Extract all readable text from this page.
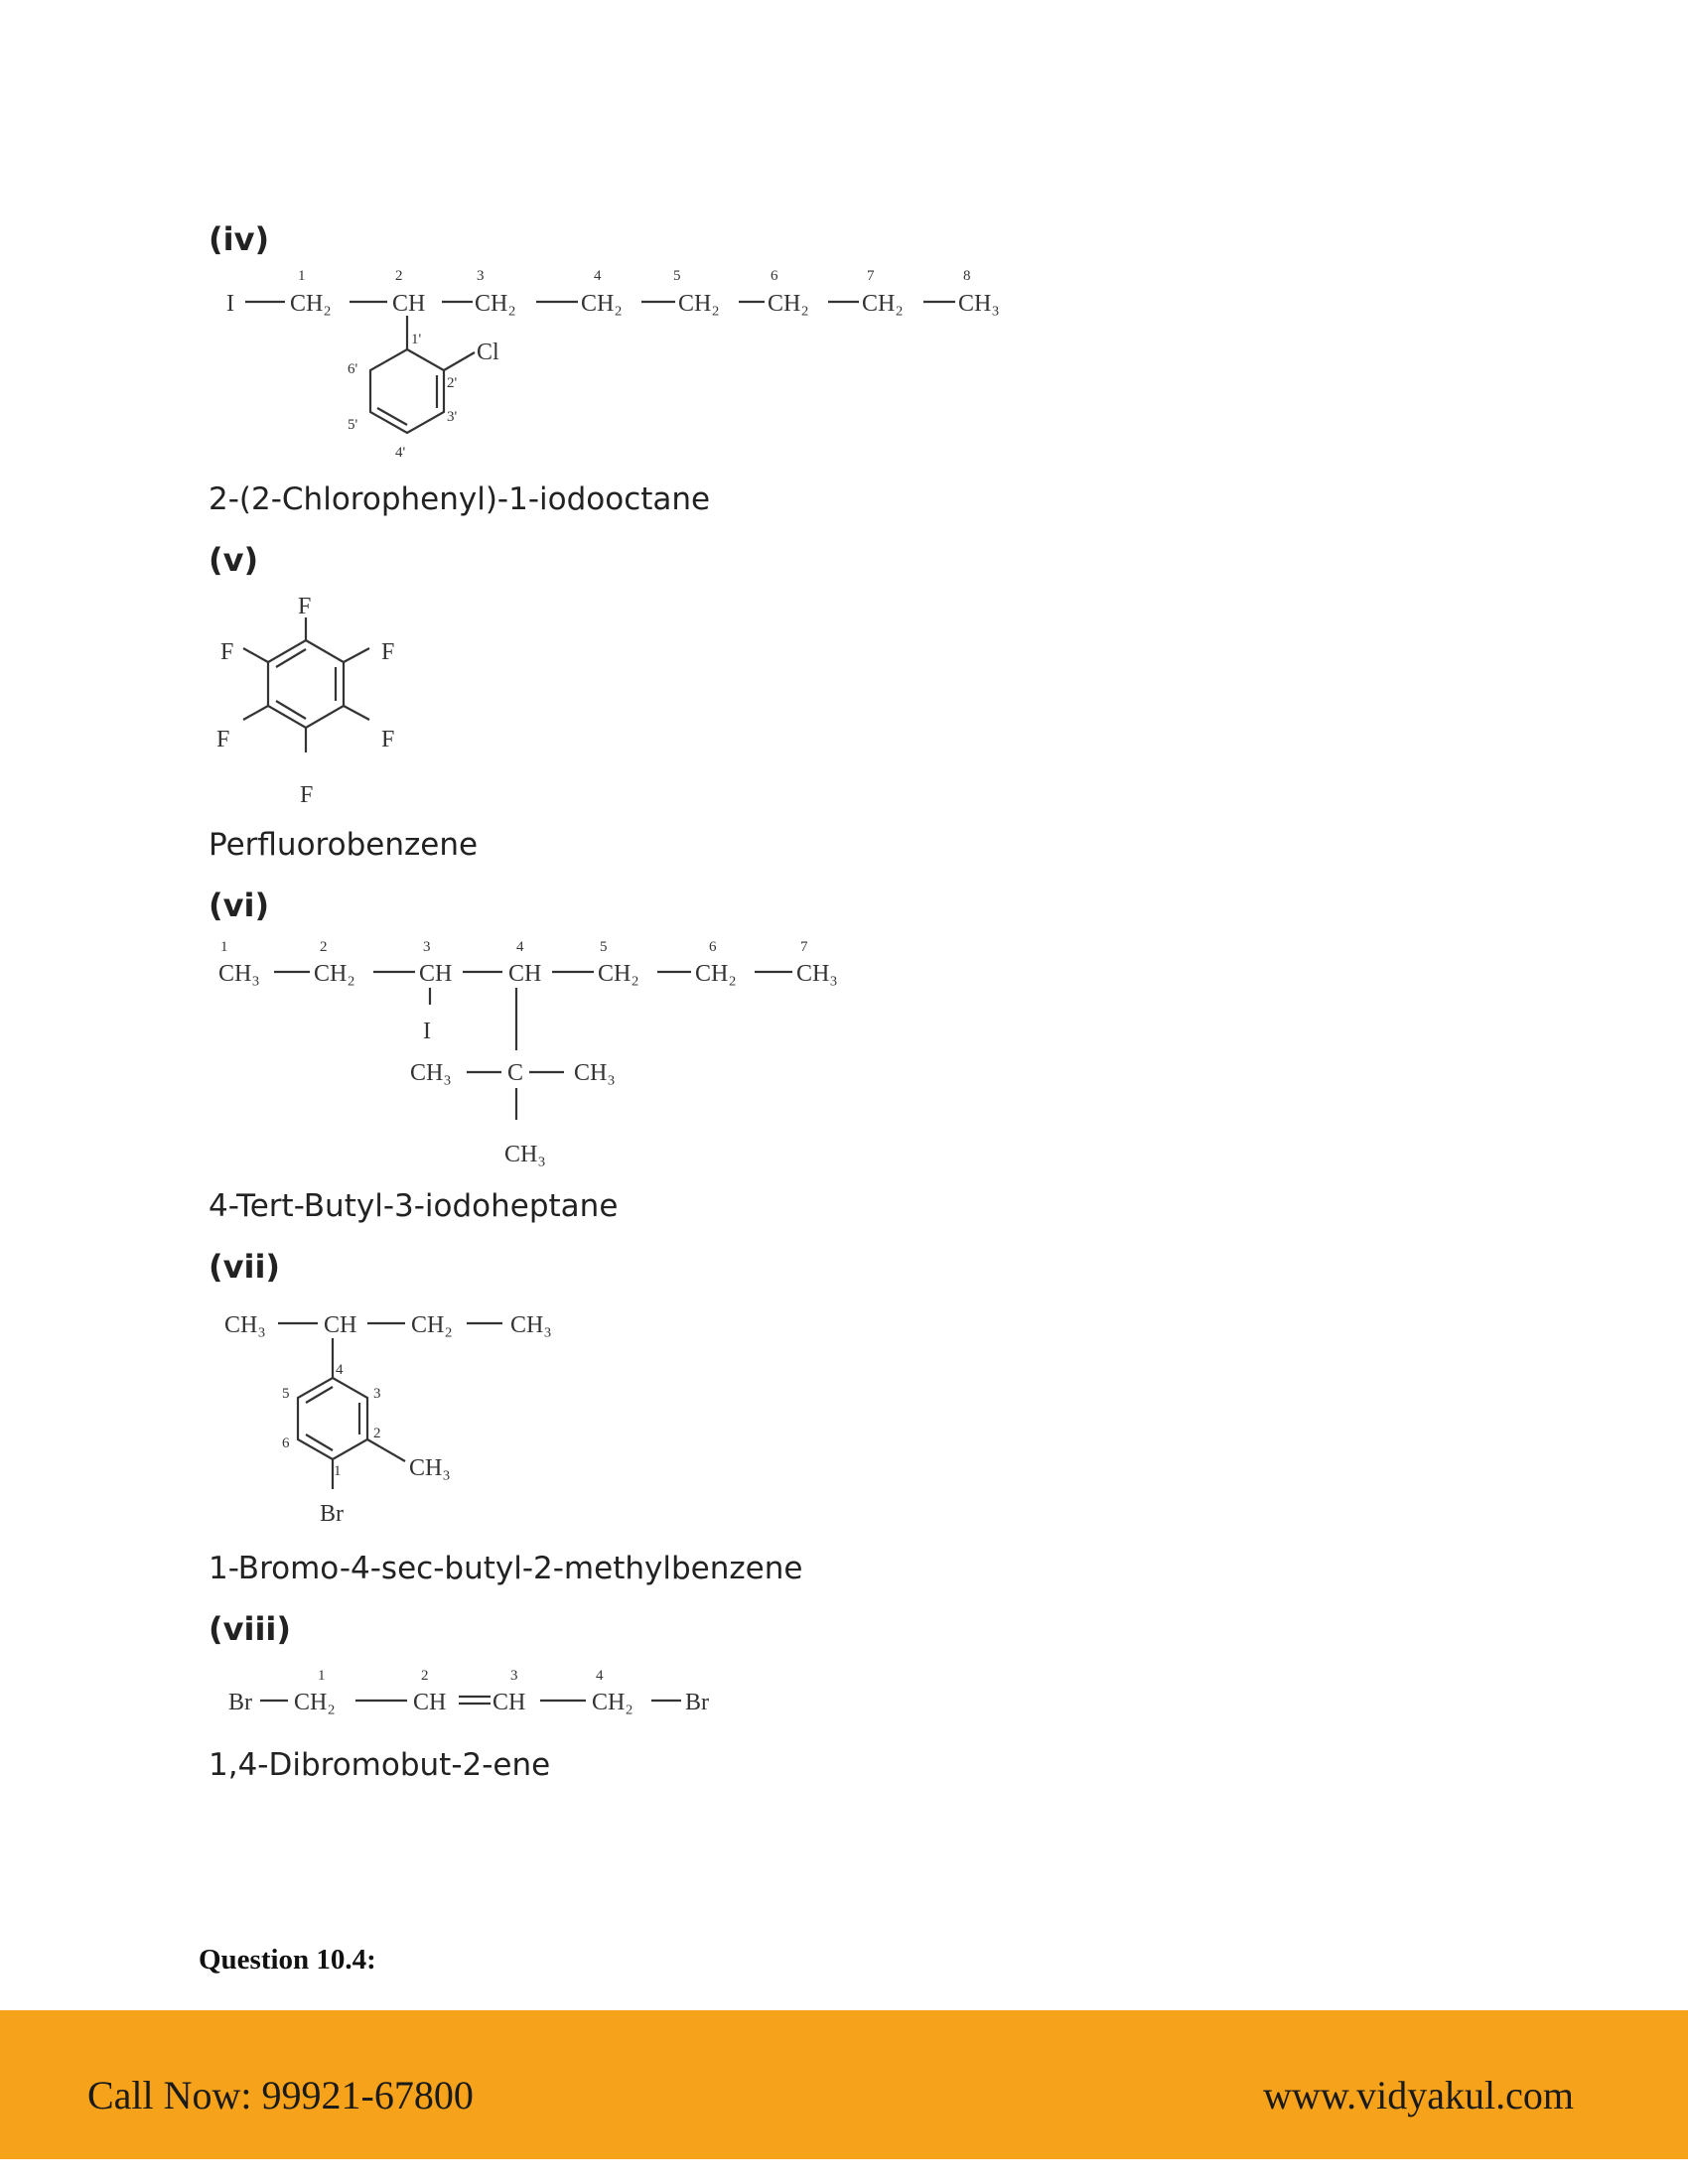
(iv)
I CH₂	CH CH₂	CH₂ CH₂ CH₂ CH₂ CH₃
1	2	3	4	5	6	7	8
Cl
1'
2'
3'
4'
5'
6'
2-(2-Chlorophenyl)-1-iodooctane
(v)
F
F
F
F
F
F
Perfluorobenzene
(vi)
CH₃ CH₂	CH CH CH₂ CH₂	CH₃
1	2	3	4	5	6	7
I
CH₃ C CH₃
CH₃
4-Tert-Butyl-3-iodoheptane
(vii)
CH₃ CH CH₂ CH₃
CH₃
Br
1
2
3
4
5
6
1-Bromo-4-sec-butyl-2-methylbenzene
(viii)
Br CH₂	CH CH	CH₂ Br
1	2	3	4
1,4-Dibromobut-2-ene
Question 10.4:
Call Now: 99921-67800	www.vidyakul.com
